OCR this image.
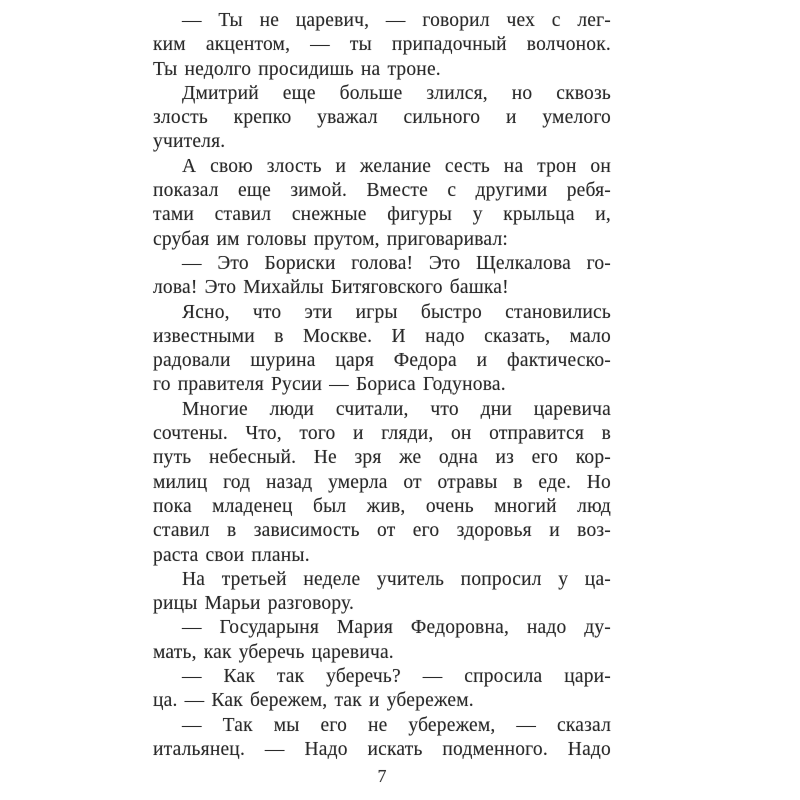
— Ты не царевич, — говорил чех с лег-
ким акцентом, — ты припадочный волчонок.
Ты недолго просидишь на троне.
Дмитрий еще больше злился, но сквозь
злость крепко уважал сильного и умелого
учителя.
А свою злость и желание сесть на трон он
показал еще зимой. Вместе с другими ребя-
тами ставил снежные фигуры у крыльца и,
срубая им головы прутом, приговаривал:
— Это Бориски голова! Это Щелкалова го-
лова! Это Михайлы Битяговского башка!
Ясно, что эти игры быстро становились
известными в Москве. И надо сказать, мало
радовали шурина царя Федора и фактическо-
го правителя Русии — Бориса Годунова.
Многие люди считали, что дни царевича
сочтены. Что, того и гляди, он отправится в
путь небесный. Не зря же одна из его кор-
милиц год назад умерла от отравы в еде. Но
пока младенец был жив, очень многий люд
ставил в зависимость от его здоровья и воз-
раста свои планы.
На третьей неделе учитель попросил у ца-
рицы Марьи разговору.
— Государыня Мария Федоровна, надо ду-
мать, как уберечь царевича.
— Как так уберечь? — спросила цари-
ца. — Как бережем, так и убережем.
— Так мы его не убережем, — сказал
итальянец. — Надо искать подменного. Надо
7
